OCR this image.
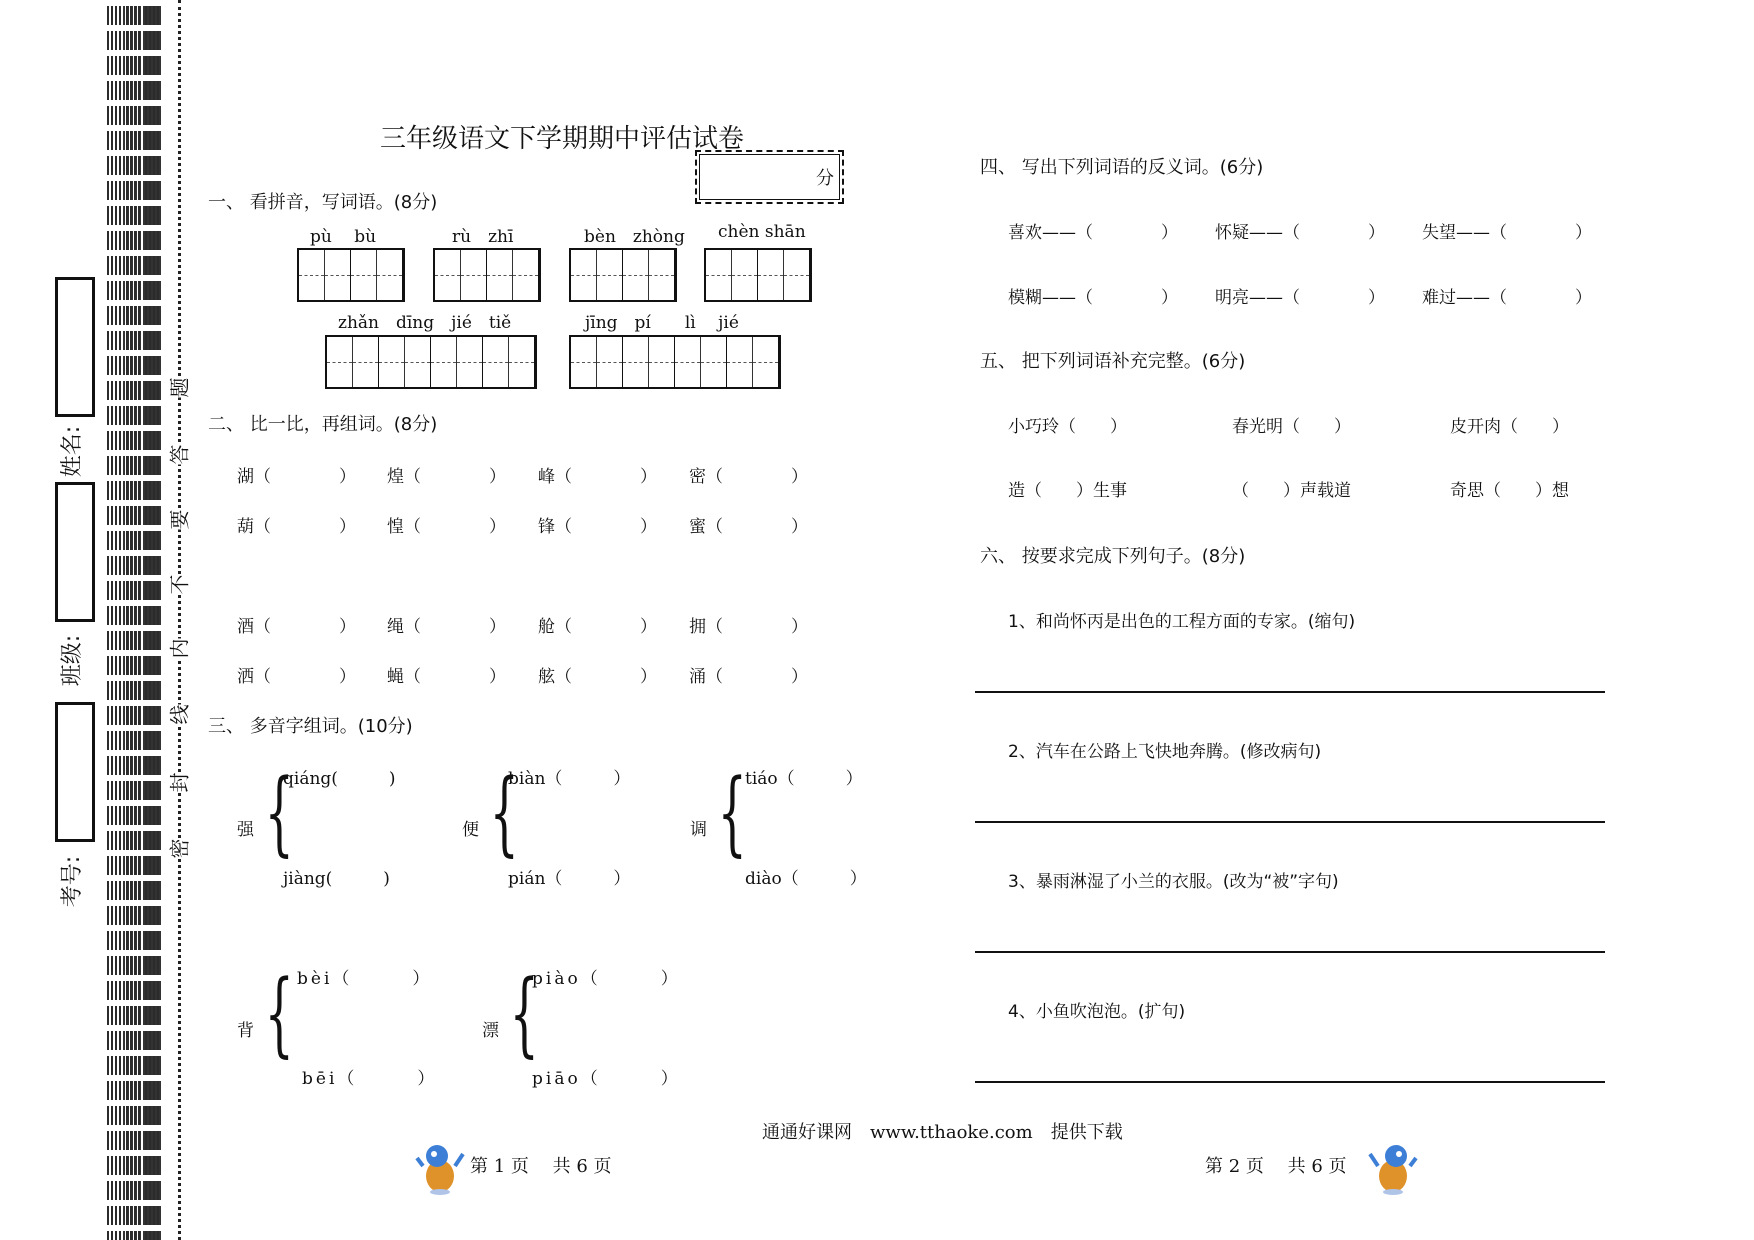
姓名:
班级:
考号:
密
封
线
内
不
要
答
题
三年级语文下学期期中评估试卷
分
一、 看拼音，写词语。(8分)
pù　 bù	rù　zhī	bèn　zhòng chèn shān
zhǎn　dīng　jié　tiě	jīng　pí　　lì　 jié
二、 比一比，再组词。(8分)
湖（　　　　） 煌（　　　　） 峰（　　　　） 密（　　　　）
葫（　　　　） 惶（　　　　） 锋（　　　　） 蜜（　　　　）
酒（　　　　） 绳（　　　　） 舱（　　　　） 拥（　　　　）
洒（　　　　） 蝇（　　　　） 舷（　　　　） 涌（　　　　）
三、 多音字组词。(10分)
强 {
qiáng(　　　)
jiàng(　　　)
便 {
biàn（　　　）
pián（　　　）
调 {
tiáo（　　　）
diào（　　　）
背 { bèi（　　　）
bēi（　　　）
漂 {
piào（　　　）
piāo（　　　）
四、 写出下列词语的反义词。(6分)
喜欢——（　　　　） 怀疑——（　　　　） 失望——（　　　　）
模糊——（　　　　） 明亮——（　　　　） 难过——（　　　　）
五、 把下列词语补充完整。(6分)
小巧玲（　　）	春光明（　　）	皮开肉（　　）
造（　　）生事	（　　）声载道	奇思（　　）想
六、 按要求完成下列句子。(8分)
1、和尚怀丙是出色的工程方面的专家。(缩句)
2、汽车在公路上飞快地奔腾。(修改病句)
3、暴雨淋湿了小兰的衣服。(改为“被”字句)
4、小鱼吹泡泡。(扩句)
通通好课网　www.tthaoke.com　提供下载
第 1 页　 共 6 页	第 2 页　 共 6 页
